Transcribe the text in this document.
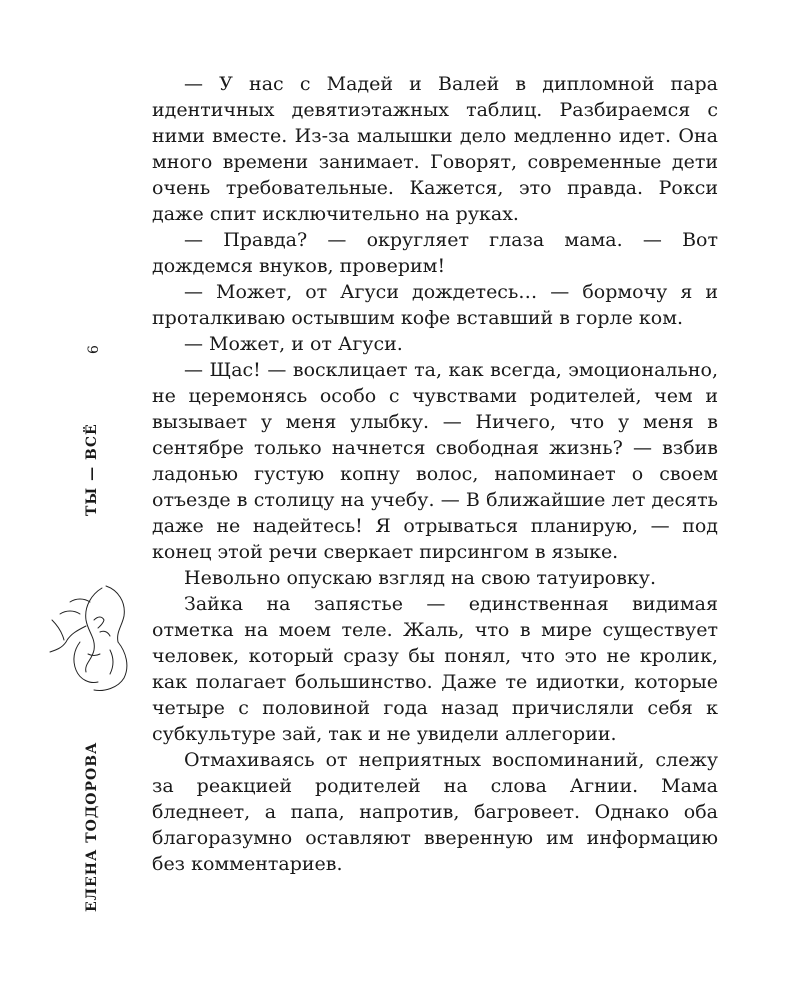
6
ТЫ — ВСЁ
ЕЛЕНА ТОДОРОВА

— У нас с Мадей и Валей в дипломной пара идентичных девятиэтажных таблиц. Разбираемся с ними вместе. Из-за малышки дело медленно идет. Она много времени занимает. Говорят, современные дети очень требовательные. Кажется, это правда. Рокси даже спит исключительно на руках.

— Правда? — округляет глаза мама. — Вот дождемся внуков, проверим!

— Может, от Агуси дождетесь… — бормочу я и проталкиваю остывшим кофе вставший в горле ком.

— Может, и от Агуси.

— Щас! — восклицает та, как всегда, эмоционально, не церемонясь особо с чувствами родителей, чем и вызывает у меня улыбку. — Ничего, что у меня в сентябре только начнется свободная жизнь? — взбив ладонью густую копну волос, напоминает о своем отъезде в столицу на учебу. — В ближайшие лет десять даже не надейтесь! Я отрываться планирую, — под конец этой речи сверкает пирсингом в языке.

Невольно опускаю взгляд на свою татуировку.

Зайка на запястье — единственная видимая отметка на моем теле. Жаль, что в мире существует человек, который сразу бы понял, что это не кролик, как полагает большинство. Даже те идиотки, которые четыре с половиной года назад причисляли себя к субкультуре зай, так и не увидели аллегории.

Отмахиваясь от неприятных воспоминаний, слежу за реакцией родителей на слова Агнии. Мама бледнеет, а папа, напротив, багровеет. Однако оба благоразумно оставляют вверенную им информацию без комментариев.
